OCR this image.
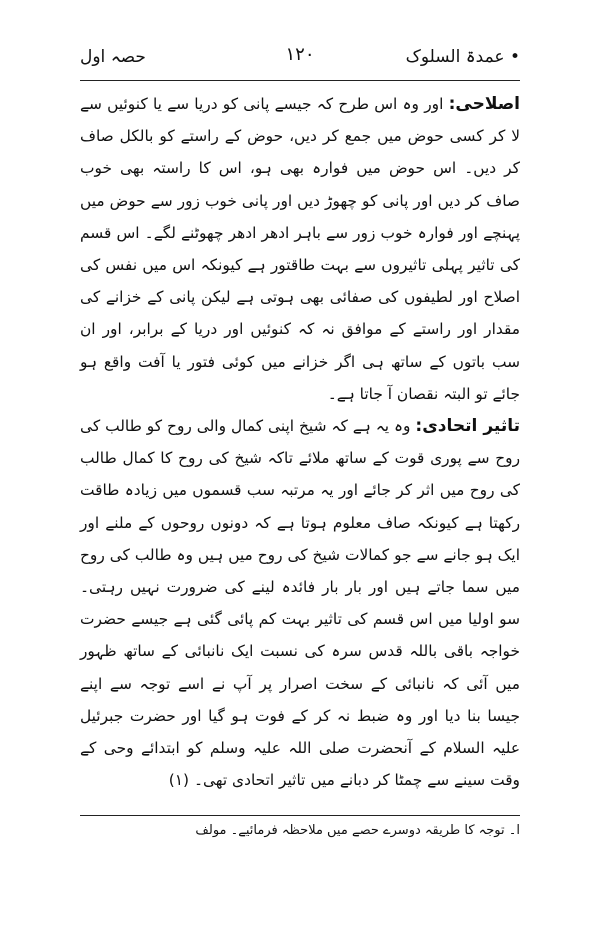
• عمدۃ السلوک
۱۲۰
حصہ اول

اصلاحی: اور وہ اس طرح کہ جیسے پانی کو دریا سے یا کنوئیں سے لا کر کسی حوض میں جمع کر دیں، حوض کے راستے کو بالکل صاف کر دیں۔ اس حوض میں فوارہ بھی ہو، اس کا راستہ بھی خوب صاف کر دیں اور پانی کو چھوڑ دیں اور پانی خوب زور سے حوض میں پہنچے اور فوارہ خوب زور سے باہر ادھر ادھر چھوٹنے لگے۔ اس قسم کی تاثیر پہلی تاثیروں سے بہت طاقتور ہے کیونکہ اس میں نفس کی اصلاح اور لطیفوں کی صفائی بھی ہوتی ہے لیکن پانی کے خزانے کی مقدار اور راستے کے موافق نہ کہ کنوئیں اور دریا کے برابر، اور ان سب باتوں کے ساتھ ہی اگر خزانے میں کوئی فتور یا آفت واقع ہو جائے تو البتہ نقصان آ جاتا ہے۔

تاثیر اتحادی: وہ یہ ہے کہ شیخ اپنی کمال والی روح کو طالب کی روح سے پوری قوت کے ساتھ ملائے تاکہ شیخ کی روح کا کمال طالب کی روح میں اثر کر جائے اور یہ مرتبہ سب قسموں میں زیادہ طاقت رکھتا ہے کیونکہ صاف معلوم ہوتا ہے کہ دونوں روحوں کے ملنے اور ایک ہو جانے سے جو کمالات شیخ کی روح میں ہیں وہ طالب کی روح میں سما جاتے ہیں اور بار بار فائدہ لینے کی ضرورت نہیں رہتی۔ سو اولیا میں اس قسم کی تاثیر بہت کم پائی گئی ہے جیسے حضرت خواجہ باقی باللہ قدس سرہ کی نسبت ایک نانبائی کے ساتھ ظہور میں آئی کہ نانبائی کے سخت اصرار پر آپ نے اسے توجہ سے اپنے جیسا بنا دیا اور وہ ضبط نہ کر کے فوت ہو گیا اور حضرت جبرئیل علیہ السلام کے آنحضرت صلی اللہ علیہ وسلم کو ابتدائے وحی کے وقت سینے سے چمٹا کر دبانے میں تاثیر اتحادی تھی۔ (۱)

ا۔ توجہ کا طریقہ دوسرے حصے میں ملاحظہ فرمائیے۔ مولف
